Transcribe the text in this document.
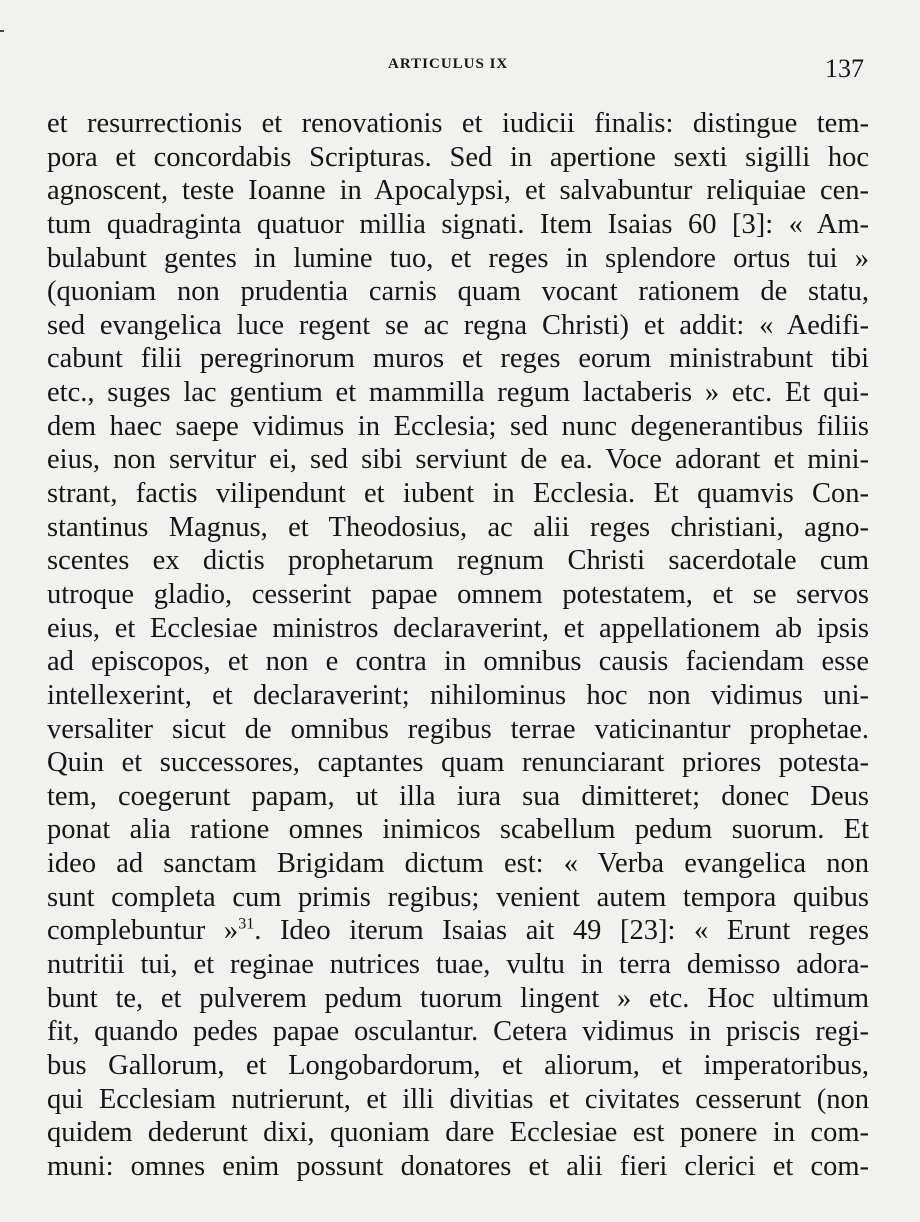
ARTICULUS IX	137
et resurrectionis et renovationis et iudicii finalis: distingue tem-
pora et concordabis Scripturas. Sed in apertione sexti sigilli hoc
agnoscent, teste Ioanne in Apocalypsi, et salvabuntur reliquiae cen-
tum quadraginta quatuor millia signati. Item Isaias 60 [3]: « Am-
bulabunt gentes in lumine tuo, et reges in splendore ortus tui »
(quoniam non prudentia carnis quam vocant rationem de statu,
sed evangelica luce regent se ac regna Christi) et addit: « Aedifi-
cabunt filii peregrinorum muros et reges eorum ministrabunt tibi
etc., suges lac gentium et mammilla regum lactaberis » etc. Et qui-
dem haec saepe vidimus in Ecclesia; sed nunc degenerantibus filiis
eius, non servitur ei, sed sibi serviunt de ea. Voce adorant et mini-
strant, factis vilipendunt et iubent in Ecclesia. Et quamvis Con-
stantinus Magnus, et Theodosius, ac alii reges christiani, agno-
scentes ex dictis prophetarum regnum Christi sacerdotale cum
utroque gladio, cesserint papae omnem potestatem, et se servos
eius, et Ecclesiae ministros declaraverint, et appellationem ab ipsis
ad episcopos, et non e contra in omnibus causis faciendam esse
intellexerint, et declaraverint; nihilominus hoc non vidimus uni-
versaliter sicut de omnibus regibus terrae vaticinantur prophetae.
Quin et successores, captantes quam renunciarant priores potesta-
tem, coegerunt papam, ut illa iura sua dimitteret; donec Deus
ponat alia ratione omnes inimicos scabellum pedum suorum. Et
ideo ad sanctam Brigidam dictum est: « Verba evangelica non
sunt completa cum primis regibus; venient autem tempora quibus
complebuntur »$^{31}$. Ideo iterum Isaias ait 49 [23]: « Erunt reges
nutritii tui, et reginae nutrices tuae, vultu in terra demisso adora-
bunt te, et pulverem pedum tuorum lingent » etc. Hoc ultimum
fit, quando pedes papae osculantur. Cetera vidimus in priscis regi-
bus Gallorum, et Longobardorum, et aliorum, et imperatoribus,
qui Ecclesiam nutrierunt, et illi divitias et civitates cesserunt (non
quidem dederunt dixi, quoniam dare Ecclesiae est ponere in com-
muni: omnes enim possunt donatores et alii fieri clerici et com-
